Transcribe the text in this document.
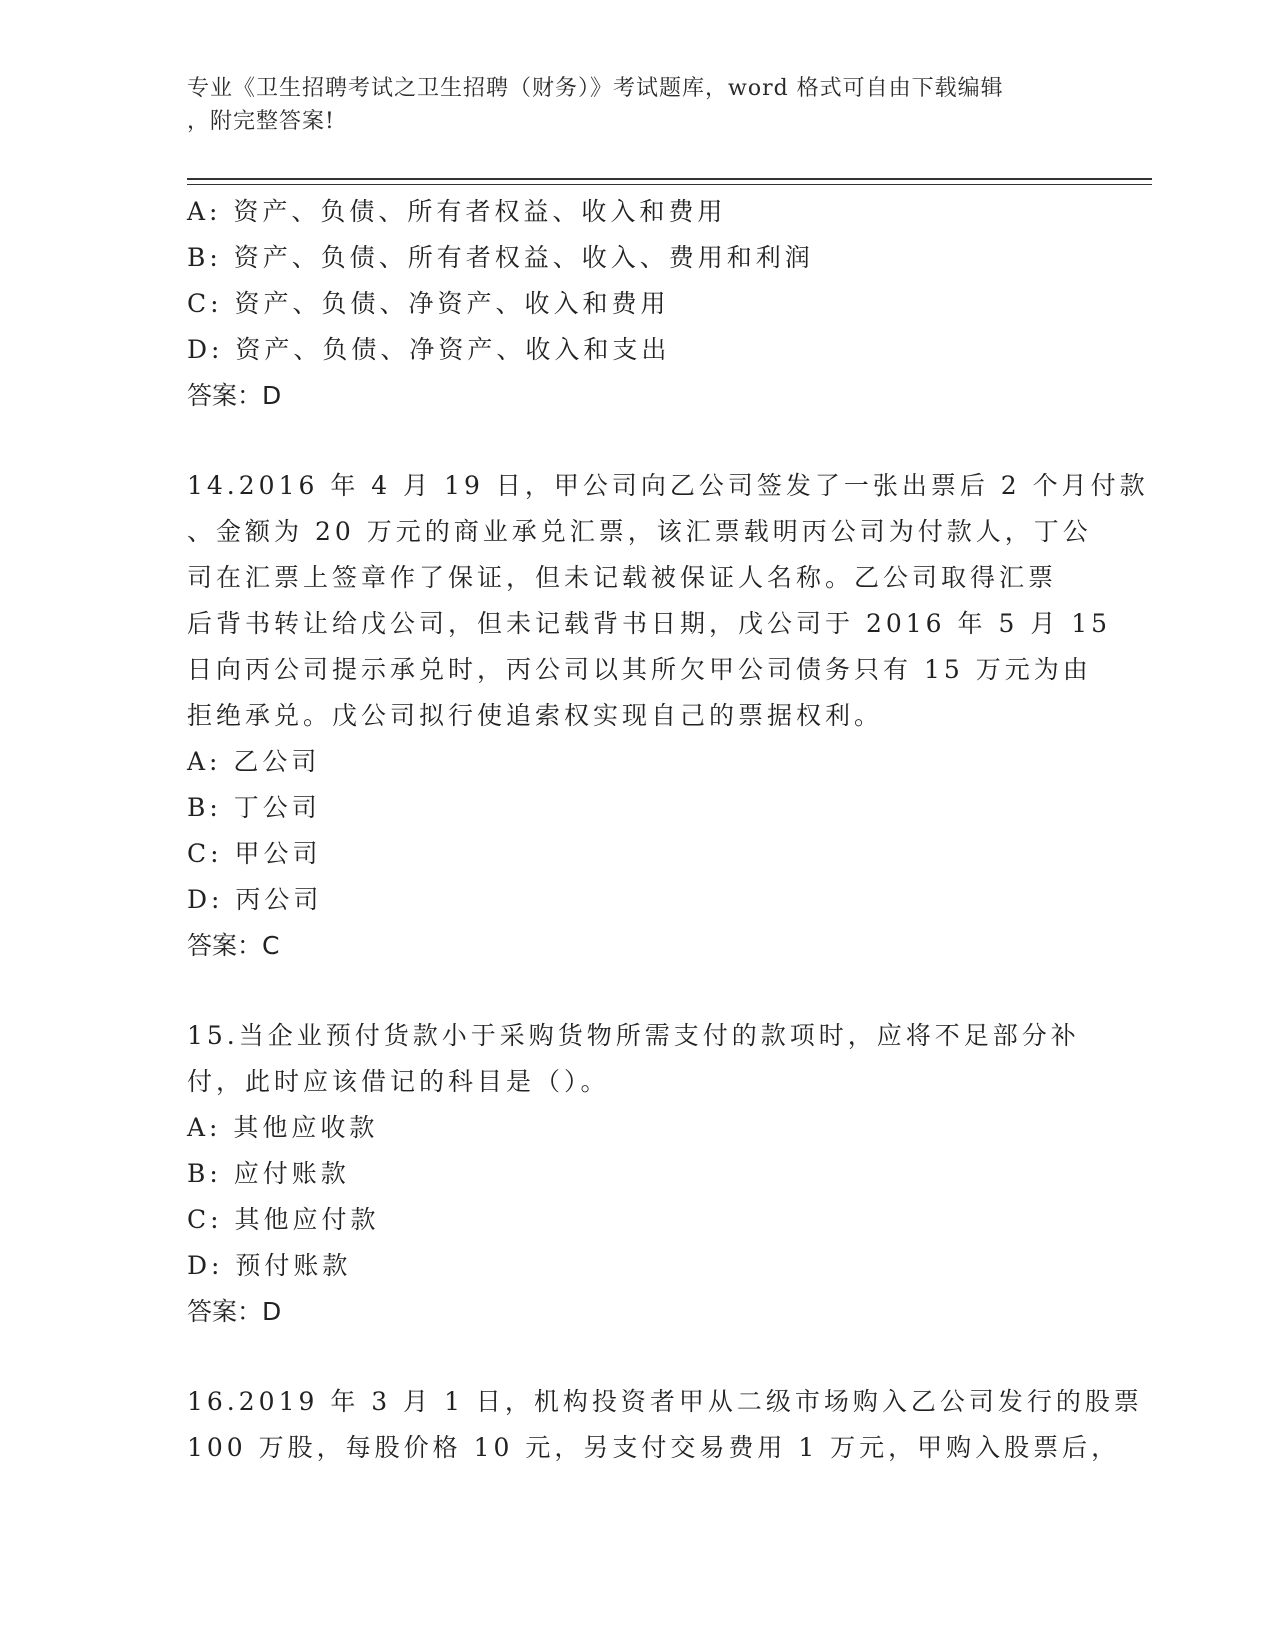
专业《卫生招聘考试之卫生招聘（财务）》考试题库，word 格式可自由下载编辑
，附完整答案!
A: 资产、负债、所有者权益、收入和费用
B: 资产、负债、所有者权益、收入、费用和利润
C: 资产、负债、净资产、收入和费用
D: 资产、负债、净资产、收入和支出
答案：D
14.2016 年 4 月 19 日，甲公司向乙公司签发了一张出票后 2 个月付款
、金额为 20 万元的商业承兑汇票，该汇票载明丙公司为付款人，丁公
司在汇票上签章作了保证，但未记载被保证人名称。乙公司取得汇票
后背书转让给戊公司，但未记载背书日期，戊公司于 2016 年 5 月 15
日向丙公司提示承兑时，丙公司以其所欠甲公司债务只有 15 万元为由
拒绝承兑。戊公司拟行使追索权实现自己的票据权利。
A: 乙公司
B: 丁公司
C: 甲公司
D: 丙公司
答案：C
15.当企业预付货款小于采购货物所需支付的款项时，应将不足部分补
付，此时应该借记的科目是（）。
A: 其他应收款
B: 应付账款
C: 其他应付款
D: 预付账款
答案：D
16.2019 年 3 月 1 日，机构投资者甲从二级市场购入乙公司发行的股票
100 万股，每股价格 10 元，另支付交易费用 1 万元，甲购入股票后，
